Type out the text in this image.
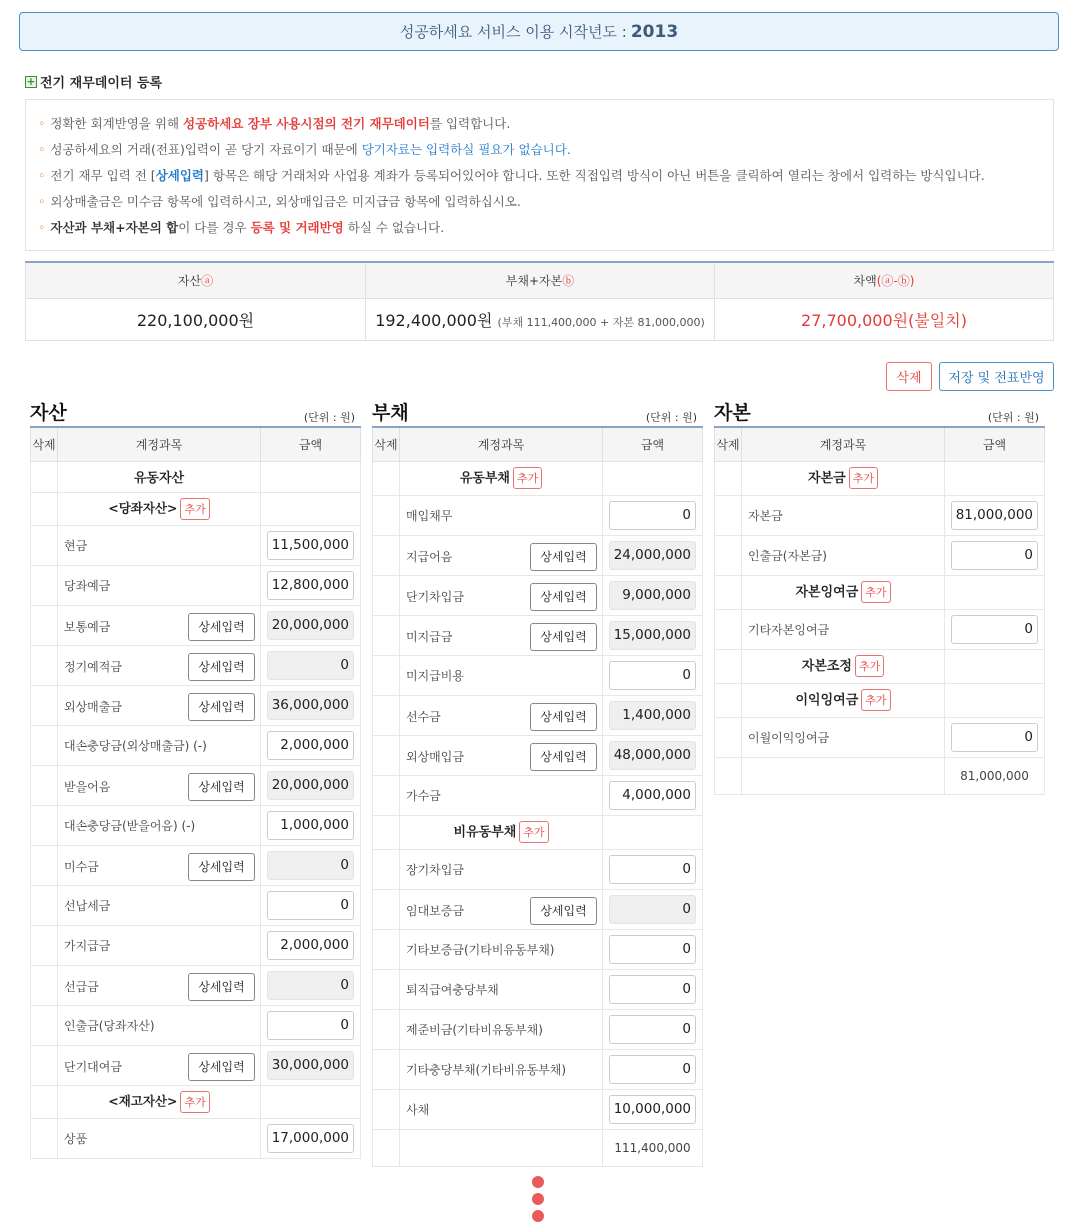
성공하세요 서비스 이용 시작년도 : 2013
+ 전기 재무데이터 등록
◦ 정확한 회계반영을 위해 성공하세요 장부 사용시점의 전기 재무데이터를 입력합니다.
◦ 성공하세요의 거래(전표)입력이 곧 당기 자료이기 때문에 당기자료는 입력하실 필요가 없습니다.
◦ 전기 재무 입력 전 [상세입력] 항목은 해당 거래처와 사업용 계좌가 등록되어있어야 합니다. 또한 직접입력 방식이 아닌 버튼을 클릭하여 열리는 창에서 입력하는 방식입니다.
◦ 외상매출금은 미수금 항목에 입력하시고, 외상매입금은 미지급금 항목에 입력하십시오.
◦ 자산과 부채+자본의 합이 다를 경우 등록 및 거래반영 하실 수 없습니다.
자산ⓐ	부채+자본ⓑ	차액(ⓐ-ⓑ)
220,100,000원	192,400,000원 (부채 111,400,000 + 자본 81,000,000)	27,700,000원(불일치)
삭제	저장 및 전표반영
자산	(단위 : 원)
삭제	계정과목	금액
	유동자산	
	<당좌자산> 추가	
	현금	11,500,000

	당좌예금	12,800,000

	보통예금 상세입력	20,000,000

	정기예적금 상세입력	0

	외상매출금 상세입력	36,000,000

	대손충당금(외상매출금) (-)	2,000,000

	받을어음 상세입력	20,000,000

	대손충당금(받을어음) (-)	1,000,000

	미수금 상세입력	0

	선납세금	0

	가지급금	2,000,000

	선급금 상세입력	0

	인출금(당좌자산)	0

	단기대여금 상세입력	30,000,000

	<재고자산> 추가	
	상품	17,000,000
부채	(단위 : 원)
삭제	계정과목	금액
	유동부채 추가	
	매입채무	0

	지급어음 상세입력	24,000,000

	단기차입금 상세입력	9,000,000

	미지급금 상세입력	15,000,000

	미지급비용	0

	선수금 상세입력	1,400,000

	외상매입금 상세입력	48,000,000

	가수금	4,000,000

	비유동부채 추가	
	장기차입금	0

	임대보증금 상세입력	0

	기타보증금(기타비유동부채)	0

	퇴직급여충당부채	0

	제준비금(기타비유동부채)	0

	기타충당부채(기타비유동부채)	0

	사채	10,000,000

		111,400,000
자본	(단위 : 원)
삭제	계정과목	금액
	자본금 추가	
	자본금	81,000,000

	인출금(자본금)	0

	자본잉여금 추가	
	기타자본잉여금	0

	자본조정 추가	
	이익잉여금 추가	
	이월이익잉여금	0

		81,000,000
